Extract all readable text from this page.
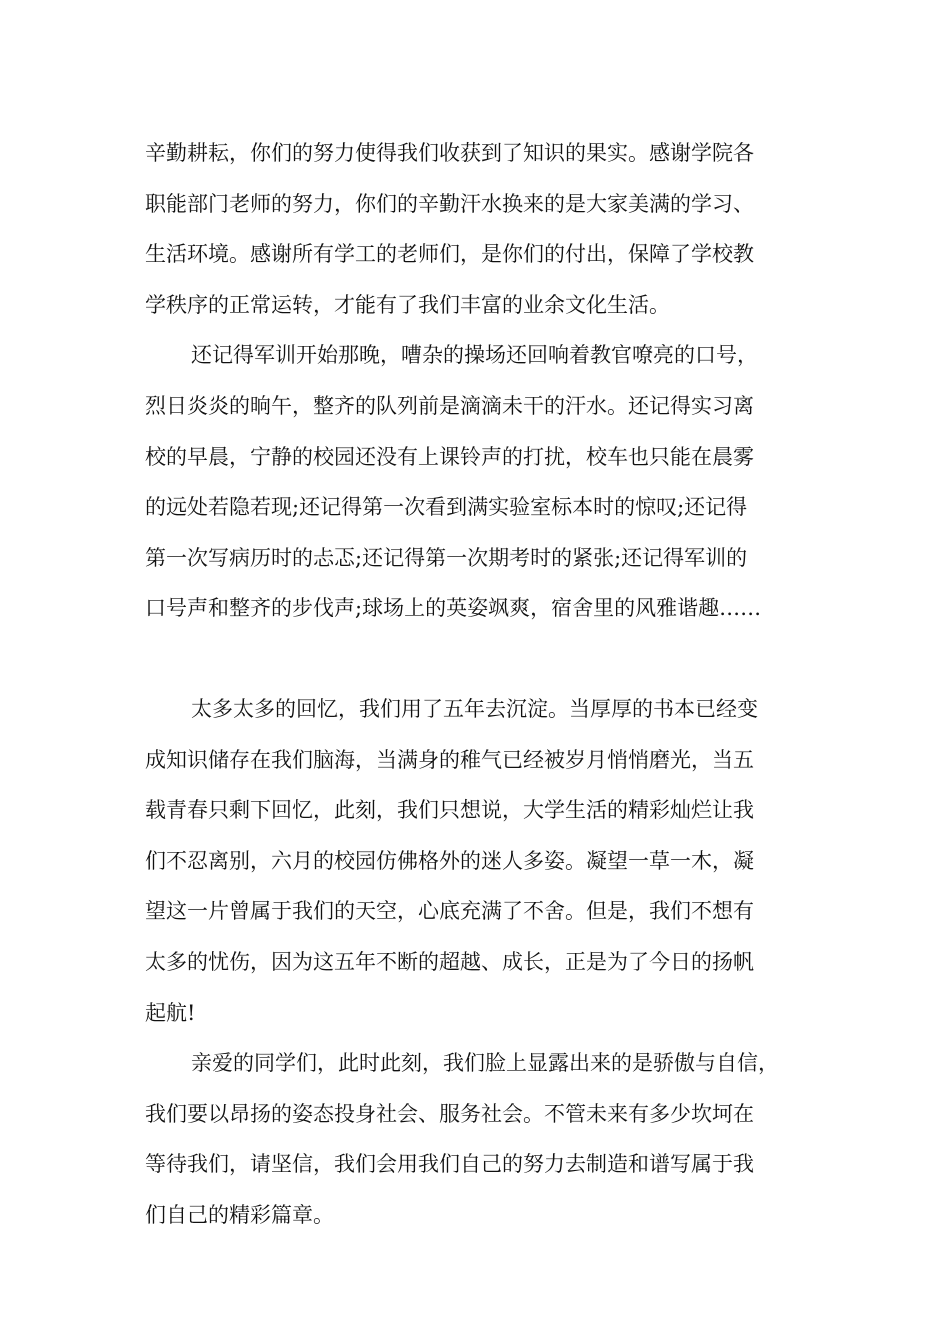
辛勤耕耘，你们的努力使得我们收获到了知识的果实。感谢学院各
职能部门老师的努力，你们的辛勤汗水换来的是大家美满的学习、
生活环境。感谢所有学工的老师们，是你们的付出，保障了学校教
学秩序的正常运转，才能有了我们丰富的业余文化生活。
还记得军训开始那晚，嘈杂的操场还回响着教官嘹亮的口号，
烈日炎炎的晌午，整齐的队列前是滴滴未干的汗水。还记得实习离
校的早晨，宁静的校园还没有上课铃声的打扰，校车也只能在晨雾
的远处若隐若现;还记得第一次看到满实验室标本时的惊叹;还记得
第一次写病历时的忐忑;还记得第一次期考时的紧张;还记得军训的
口号声和整齐的步伐声;球场上的英姿飒爽，宿舍里的风雅谐趣……
太多太多的回忆，我们用了五年去沉淀。当厚厚的书本已经变
成知识储存在我们脑海，当满身的稚气已经被岁月悄悄磨光，当五
载青春只剩下回忆，此刻，我们只想说，大学生活的精彩灿烂让我
们不忍离别，六月的校园仿佛格外的迷人多姿。凝望一草一木，凝
望这一片曾属于我们的天空，心底充满了不舍。但是，我们不想有
太多的忧伤，因为这五年不断的超越、成长，正是为了今日的扬帆
起航!
亲爱的同学们，此时此刻，我们脸上显露出来的是骄傲与自信，
我们要以昂扬的姿态投身社会、服务社会。不管未来有多少坎坷在
等待我们，请坚信，我们会用我们自己的努力去制造和谱写属于我
们自己的精彩篇章。
